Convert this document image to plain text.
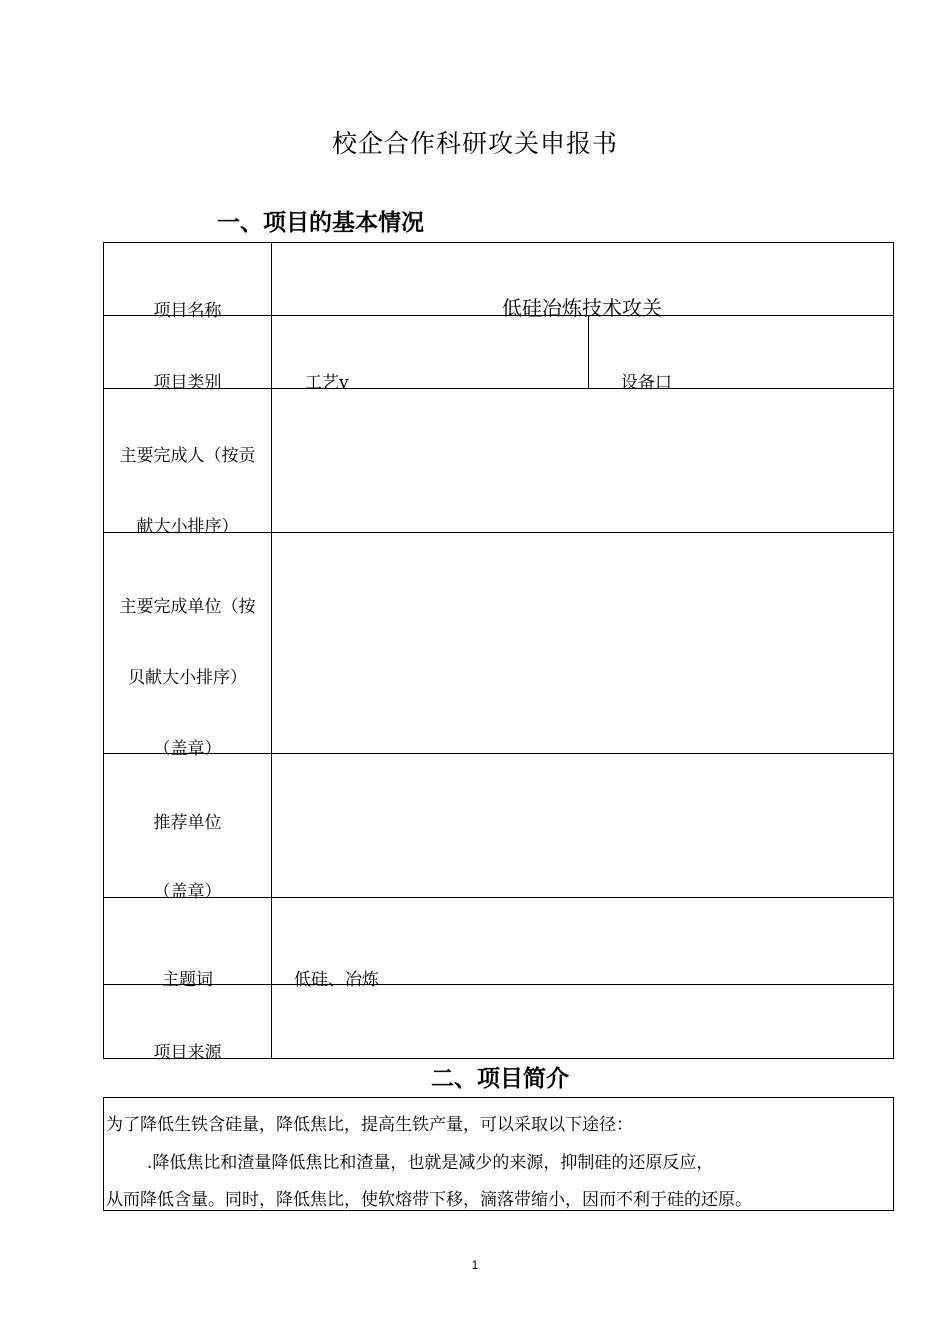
校企合作科研攻关申报书
一、项目的基本情况
项目名称	低硅冶炼技术攻关
项目类别	工艺v	设备口
主要完成人（按贡
献大小排序）
主要完成单位（按
贝献大小排序）
（盖章）
推荐单位
（盖章）
主题词	低硅、冶炼
项目来源
二、项目简介
为了降低生铁含硅量，降低焦比，提高生铁产量，可以采取以下途径：
.降低焦比和渣量降低焦比和渣量，也就是减少的来源，抑制硅的还原反应，
从而降低含量。同时，降低焦比，使软熔带下移，滴落带缩小，因而不利于硅的还原。
1
